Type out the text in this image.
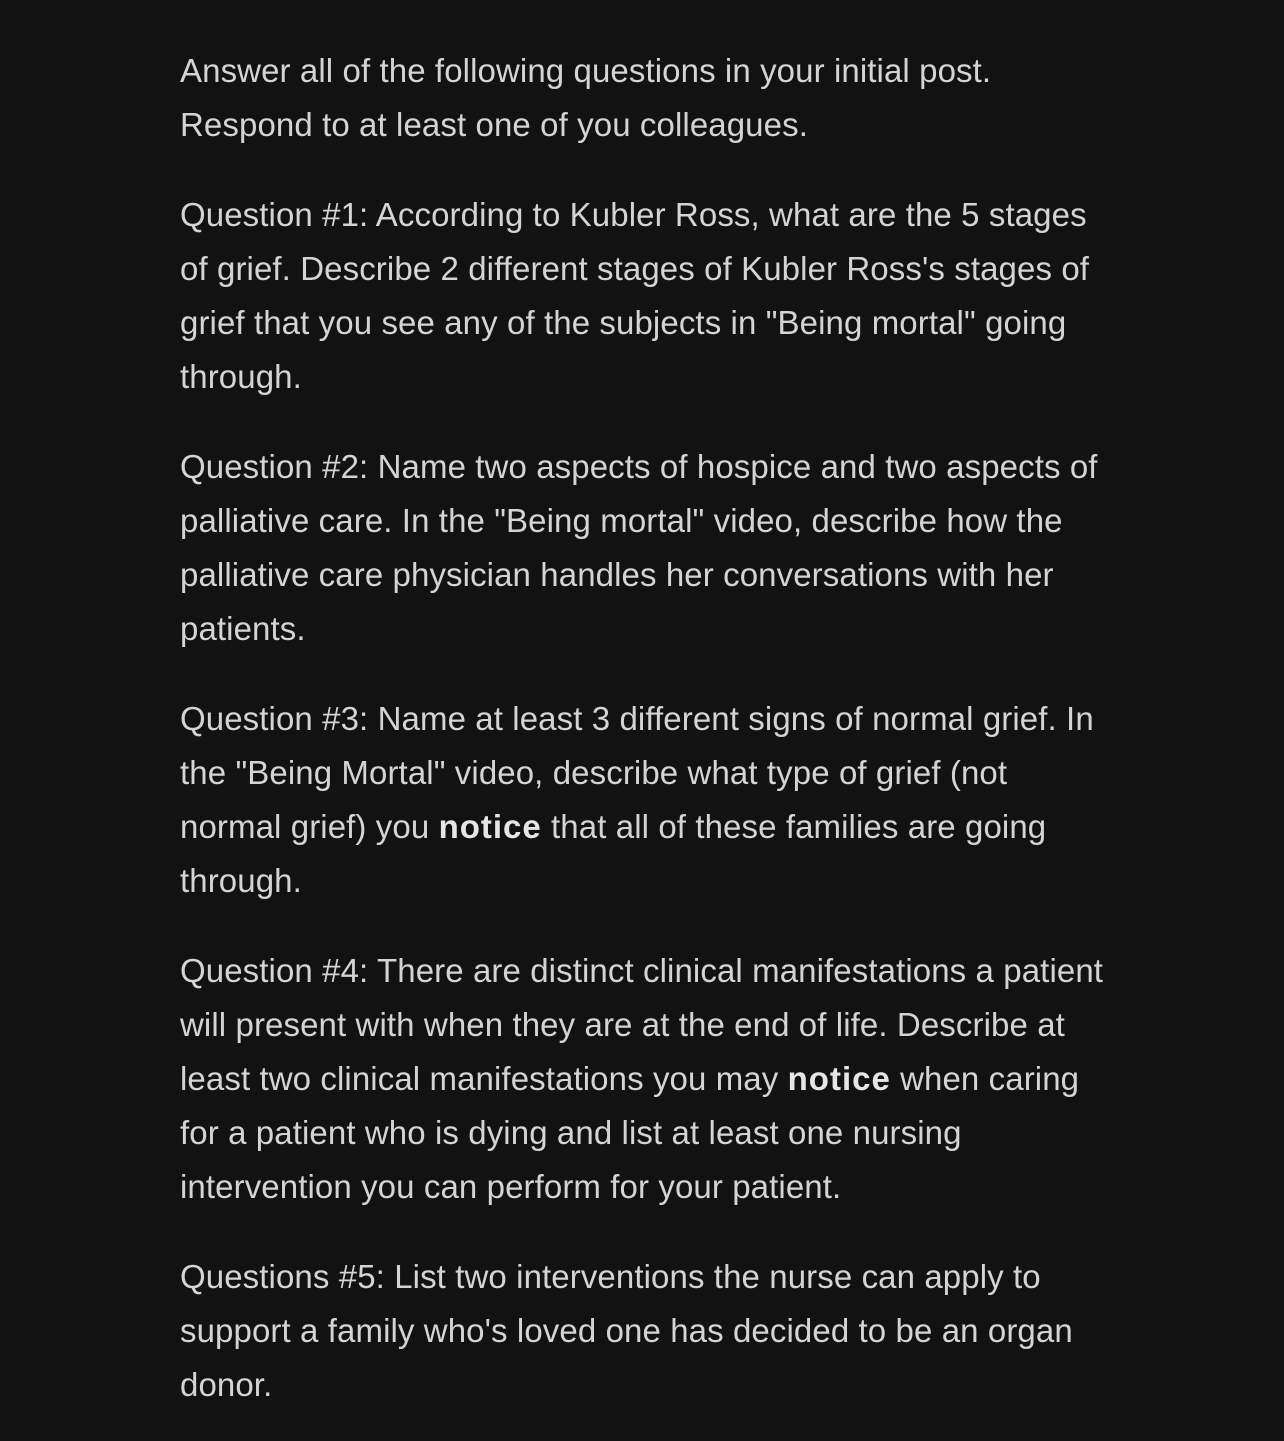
Answer all of the following questions in your initial post.
Respond to at least one of you colleagues.

Question #1: According to Kubler Ross, what are the 5 stages
of grief. Describe 2 different stages of Kubler Ross's stages of
grief that you see any of the subjects in "Being mortal" going
through.

Question #2: Name two aspects of hospice and two aspects of
palliative care. In the "Being mortal" video, describe how the
palliative care physician handles her conversations with her
patients.

Question #3: Name at least 3 different signs of normal grief. In
the "Being Mortal" video, describe what type of grief (not
normal grief) you notice that all of these families are going
through.

Question #4: There are distinct clinical manifestations a patient
will present with when they are at the end of life. Describe at
least two clinical manifestations you may notice when caring
for a patient who is dying and list at least one nursing
intervention you can perform for your patient.

Questions #5: List two interventions the nurse can apply to
support a family who's loved one has decided to be an organ
donor.
